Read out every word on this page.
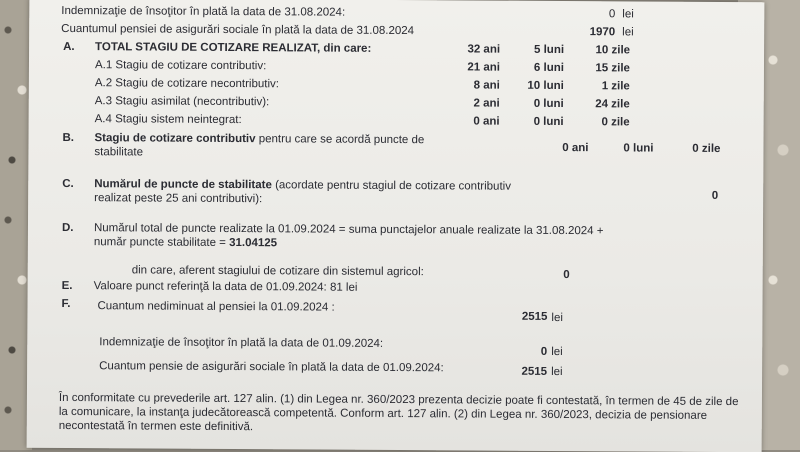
Indemnizaţie de însoţitor în plată la data de 31.08.2024:	0 lei
Cuantumul pensiei de asigurări sociale în plată la data de 31.08.2024	1970 lei
A. TOTAL STAGIU DE COTIZARE REALIZAT, din care:	32 ani	5 luni	10 zile
A.1 Stagiu de cotizare contributiv:	21 ani	6 luni	15 zile
A.2 Stagiu de cotizare necontributiv:	8 ani	10 luni	1 zile
A.3 Stagiu asimilat (necontributiv):	2 ani	0 luni	24 zile
A.4 Stagiu sistem neintegrat:	0 ani	0 luni	0 zile
B. Stagiu de cotizare contributiv pentru care se acordă puncte de
stabilitate	0 ani	0 luni	0 zile
C. Numărul de puncte de stabilitate (acordate pentru stagiul de cotizare contributiv
realizat peste 25 ani contributivi):	0
D. Numărul total de puncte realizate la 01.09.2024 = suma punctajelor anuale realizate la 31.08.2024 +
număr puncte stabilitate = 31.04125
din care, aferent stagiului de cotizare din sistemul agricol:	0
E. Valoare punct referinţă la data de 01.09.2024: 81 lei
F. Cuantum nediminuat al pensiei la 01.09.2024 :
2515 lei
Indemnizaţie de însoţitor în plată la data de 01.09.2024:
0 lei
Cuantum pensie de asigurări sociale în plată la data de 01.09.2024:	2515 lei
În conformitate cu prevederile art. 127 alin. (1) din Legea nr. 360/2023 prezenta decizie poate fi contestată, în termen de 45 de zile de la comunicare, la instanţa judecătorească competentă. Conform art. 127 alin. (2) din Legea nr. 360/2023, decizia de pensionare necontestată în termen este definitivă.
